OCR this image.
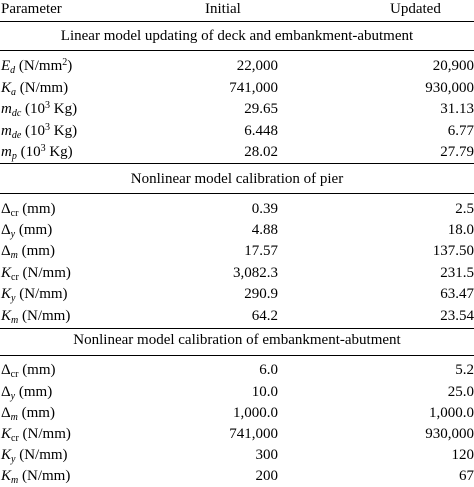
Parameter	Initial	Updated
Linear model updating of deck and embankment-abutment
$E_d$ $(N/mm^2)$	22,000	20,900
$K_a$ (N/mm)	741,000	930,000
$m_{dc}$ ($10^3$ Kg)	29.65	31.13
$m_{de}$ ($10^3$ Kg)	6.448	6.77
$m_p$ ($10^3$ Kg)	28.02	27.79
Nonlinear model calibration of pier
$\Delta_{cr}$ (mm)	0.39	2.5
$\Delta_y$ (mm)	4.88	18.0
$\Delta_m$ (mm)	17.57	137.50
$K_{cr}$ (N/mm)	3,082.3	231.5
$K_y$ (N/mm)	290.9	63.47
$K_m$ (N/mm)	64.2	23.54
Nonlinear model calibration of embankment-abutment
$\Delta_{cr}$ (mm)	6.0	5.2
$\Delta_y$ (mm)	10.0	25.0
$\Delta_m$ (mm)	1,000.0	1,000.0
$K_{cr}$ (N/mm)	741,000	930,000
$K_y$ (N/mm)	300	120
$K_m$ (N/mm)	200	67
